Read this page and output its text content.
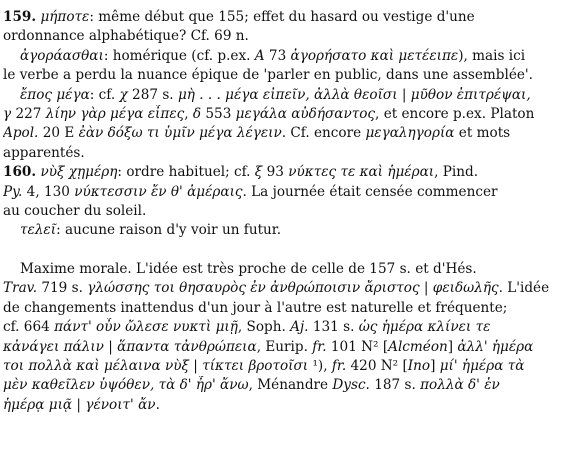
159. μήποτε: même début que 155; effet du hasard ou vestige d'une
ordonnance alphabétique? Cf. 69 n.
ἀγοράασθαι: homérique (cf. p.ex. A 73 ἀγορήσατο καὶ μετέειπε), mais ici
le verbe a perdu la nuance épique de 'parler en public, dans une assemblée'.
ἔπος μέγα: cf. χ 287 s. μὴ . . . μέγα εἰπεῖν, ἀλλὰ θεοῖσι | μῦθον ἐπιτρέψαι,
γ 227 λίην γὰρ μέγα εἶπες, δ 553 μεγάλα αὐδήσαντος, et encore p.ex. Platon
Apol. 20 E ἐὰν δόξω τι ὑμῖν μέγα λέγειν. Cf. encore μεγαληγορία et mots
apparentés.
160. νὺξ χῃμέρη: ordre habituel; cf. ξ 93 νύκτες τε καὶ ἡμέραι, Pind.
Py. 4, 130 νύκτεσσιν ἔν θ' ἁμέραις. La journée était censée commencer
au coucher du soleil.
τελεῖ: aucune raison d'y voir un futur.
Maxime morale. L'idée est très proche de celle de 157 s. et d'Hés.
Trav. 719 s. γλώσσης τοι θησαυρὸς ἐν ἀνθρώποισιν ἄριστος | φειδωλῆς. L'idée
de changements inattendus d'un jour à l'autre est naturelle et fréquente;
cf. 664 πάντ' οὖν ὤλεσε νυκτὶ μιῇ, Soph. Aj. 131 s. ὡς ἡμέρα κλίνει τε
κἀνάγει πάλιν | ἅπαντα τἀνθρώπεια, Eurip. fr. 101 N² [Alcméon] ἀλλ' ἡμέρα
τοι πολλὰ καὶ μέλαινα νὺξ | τίκτει βροτοῖσι ¹), fr. 420 N² [Ino] μί' ἡμέρα τὰ
μὲν καθεῖλεν ὑψόθεν, τὰ δ' ἦρ' ἄνω, Ménandre Dysc. 187 s. πολλὰ δ' ἐν
ἡμέρᾳ μιᾷ | γένοιτ' ἄν.
